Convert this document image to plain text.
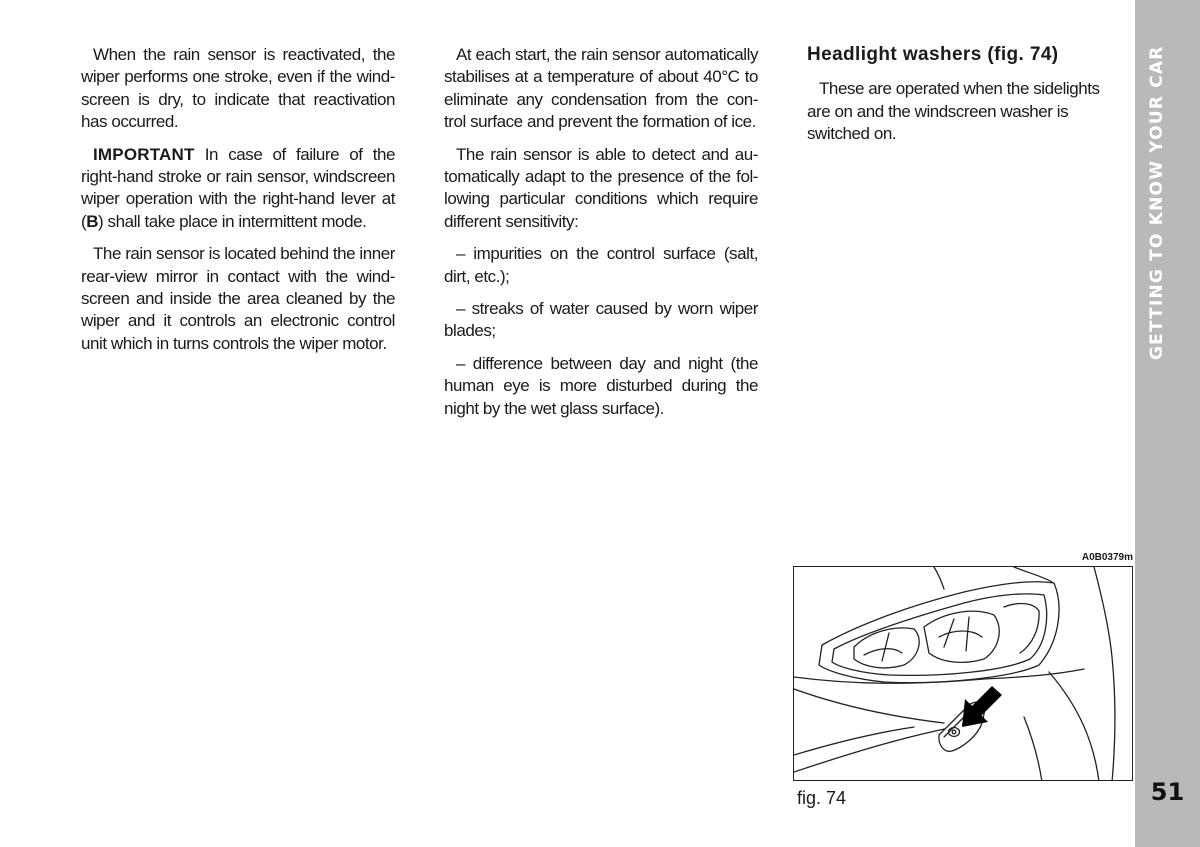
When the rain sensor is reactivated, the wiper performs one stroke, even if the wind-screen is dry, to indicate that reactivation has occurred.

IMPORTANT In case of failure of the right-hand stroke or rain sensor, windscreen wiper operation with the right-hand lever at (B) shall take place in intermittent mode.

The rain sensor is located behind the inner rear-view mirror in contact with the wind-screen and inside the area cleaned by the wiper and it controls an electronic control unit which in turns controls the wiper motor.

At each start, the rain sensor automatically stabilises at a temperature of about 40°C to eliminate any condensation from the con-trol surface and prevent the formation of ice.

The rain sensor is able to detect and au-tomatically adapt to the presence of the fol-lowing particular conditions which require different sensitivity:

– impurities on the control surface (salt, dirt, etc.);

– streaks of water caused by worn wiper blades;

– difference between day and night (the human eye is more disturbed during the night by the wet glass surface).

Headlight washers (fig. 74)

These are operated when the sidelights are on and the windscreen washer is switched on.

A0B0379m
fig. 74
GETTING TO KNOW YOUR CAR
51
